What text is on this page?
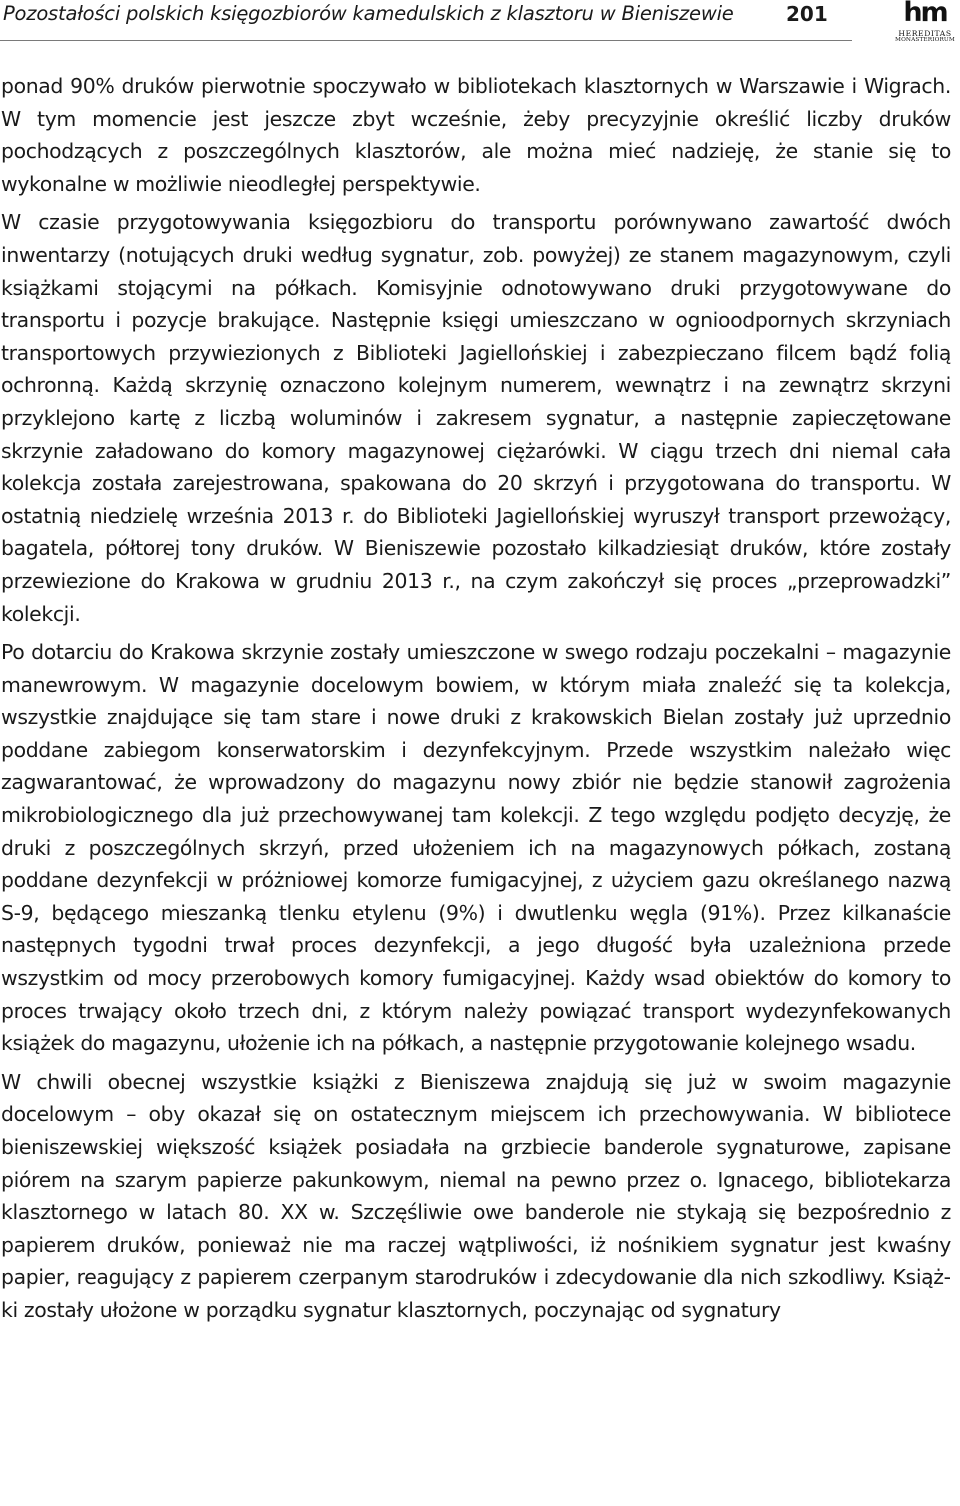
Pozostałości polskich księgozbiorów kamedulskich z klasztoru w Bieniszewie	201	hm
HEREDITAS
MONASTERIORUM

ponad 90% druków pierwotnie spoczywało w bibliotekach klasztornych w Warszawie i Wigrach. W tym momencie jest jeszcze zbyt wcześnie, żeby precyzyjnie określić liczby druków pochodzących z poszczególnych klasztorów, ale można mieć nadzieję, że stanie się to wykonalne w możliwie nieodległej perspektywie.

W czasie przygotowywania księgozbioru do transportu porównywano zawartość dwóch inwentarzy (notujących druki według sygnatur, zob. powyżej) ze stanem magazynowym, czyli książkami stojącymi na półkach. Komisyjnie odnotowywano druki przygotowywane do transportu i pozycje brakujące. Następnie księgi umieszczano w ognioodpornych skrzyniach transportowych przywiezionych z Biblioteki Jagiellońskiej i zabezpieczano filcem bądź folią ochronną. Każdą skrzynię oznaczono kolejnym numerem, wewnątrz i na zewnątrz skrzyni przyklejono kartę z liczbą woluminów i zakresem sygnatur, a następnie zapieczętowane skrzynie załadowano do komory magazynowej ciężarówki. W ciągu trzech dni niemal cała kolekcja została zarejestrowana, spakowana do 20 skrzyń i przygotowana do transportu. W ostatnią niedzielę września 2013 r. do Biblioteki Jagiellońskiej wyruszył transport przewożący, bagatela, półtorej tony druków. W Bieniszewie pozostało kilkadziesiąt druków, które zostały przewiezione do Krakowa w grudniu 2013 r., na czym zakończył się proces „przeprowadzki” kolekcji.

Po dotarciu do Krakowa skrzynie zostały umieszczone w swego rodzaju poczekalni – magazynie manewrowym. W magazynie docelowym bowiem, w którym miała znaleźć się ta kolekcja, wszystkie znajdujące się tam stare i nowe druki z krakowskich Bielan zostały już uprzednio poddane zabiegom konserwatorskim i dezynfekcyjnym. Przede wszystkim należało więc zagwarantować, że wprowadzony do magazynu nowy zbiór nie będzie stanowił zagrożenia mikrobiologicznego dla już przechowywanej tam kolekcji. Z tego względu podjęto decyzję, że druki z poszczególnych skrzyń, przed ułożeniem ich na magazynowych półkach, zostaną poddane dezynfekcji w próżniowej komorze fumigacyjnej, z użyciem gazu określanego nazwą S-9, będącego mieszanką tlenku etylenu (9%) i dwutlenku węgla (91%). Przez kilkanaście następnych tygodni trwał proces dezynfekcji, a jego długość była uzależniona przede wszystkim od mocy przerobowych komory fumigacyjnej. Każdy wsad obiektów do komory to proces trwający około trzech dni, z którym należy powiązać transport wydezynfekowanych książek do magazynu, ułożenie ich na półkach, a następnie przygotowanie kolejnego wsadu.

W chwili obecnej wszystkie książki z Bieniszewa znajdują się już w swoim magazynie docelowym – oby okazał się on ostatecznym miejscem ich przechowywania. W bibliotece bieniszewskiej większość książek posiadała na grzbiecie banderole sygnaturowe, zapisane piórem na szarym papierze pakunkowym, niemal na pewno przez o. Ignacego, bibliotekarza klasztornego w latach 80. XX w. Szczęśliwie owe banderole nie stykają się bezpośrednio z papierem druków, ponieważ nie ma raczej wątpliwości, iż nośnikiem sygnatur jest kwaśny papier, reagujący z papierem czerpanym starodruków i zdecydowanie dla nich szkodliwy. Książki zostały ułożone w porządku sygnatur klasztornych, poczynając od sygnatury
